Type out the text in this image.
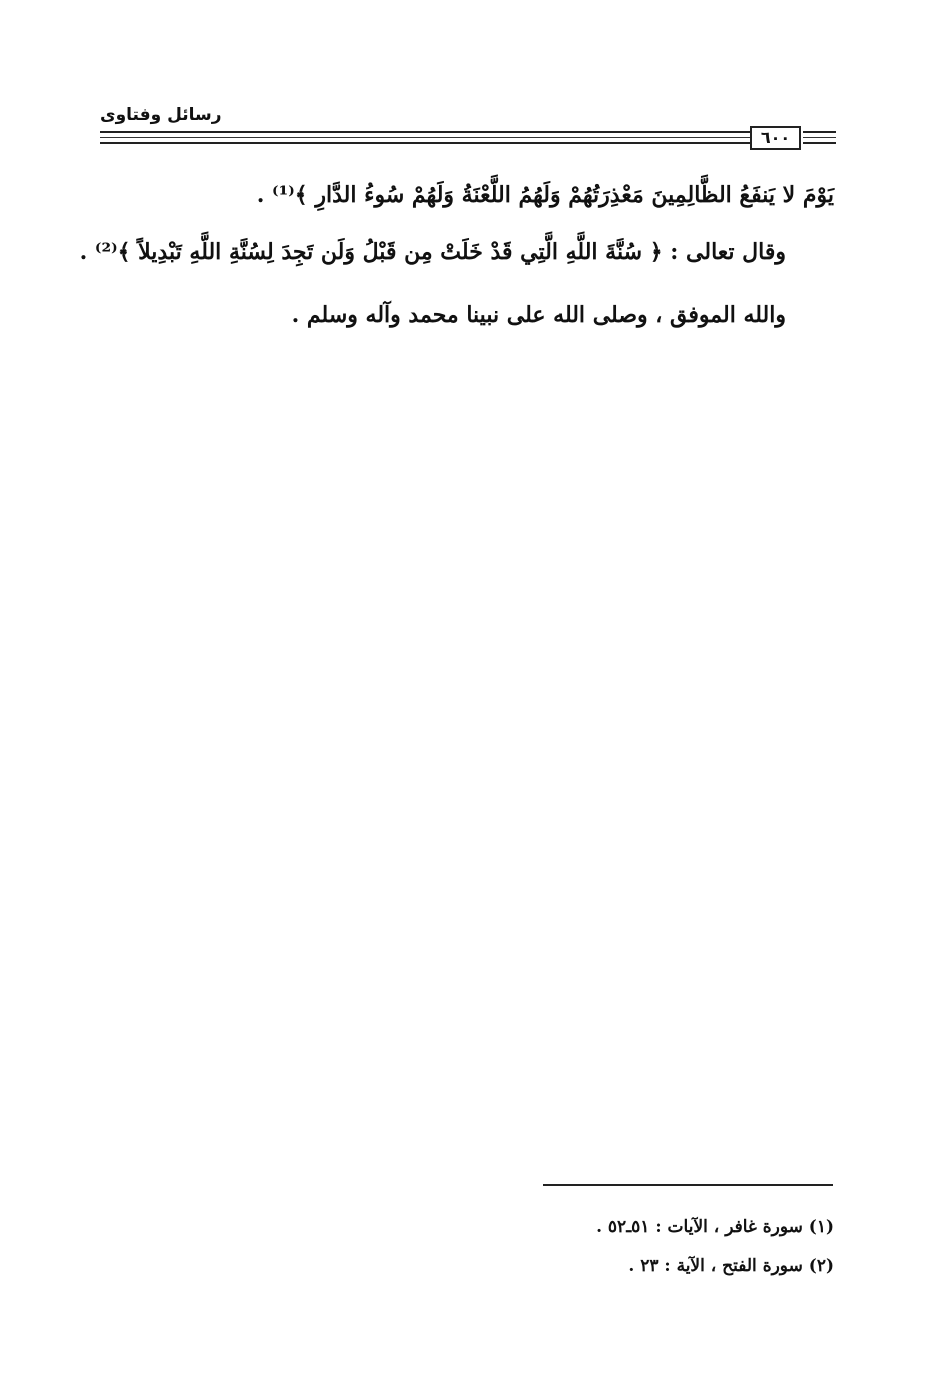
رسائل وفتاوى
٦٠٠
يَوْمَ لا يَنفَعُ الظَّالِمِينَ مَعْذِرَتُهُمْ وَلَهُمُ اللَّعْنَةُ وَلَهُمْ سُوءُ الدَّارِ ﴾⁽¹⁾ .
وقال تعالى : ﴿ سُنَّةَ اللَّهِ الَّتِي قَدْ خَلَتْ مِن قَبْلُ وَلَن تَجِدَ لِسُنَّةِ اللَّهِ تَبْدِيلاً ﴾⁽²⁾ .
والله الموفق ، وصلى الله على نبينا محمد وآله وسلم .
(١) سورة غافر ، الآيات : ٥١ـ٥٢ .
(٢) سورة الفتح ، الآية : ٢٣ .
